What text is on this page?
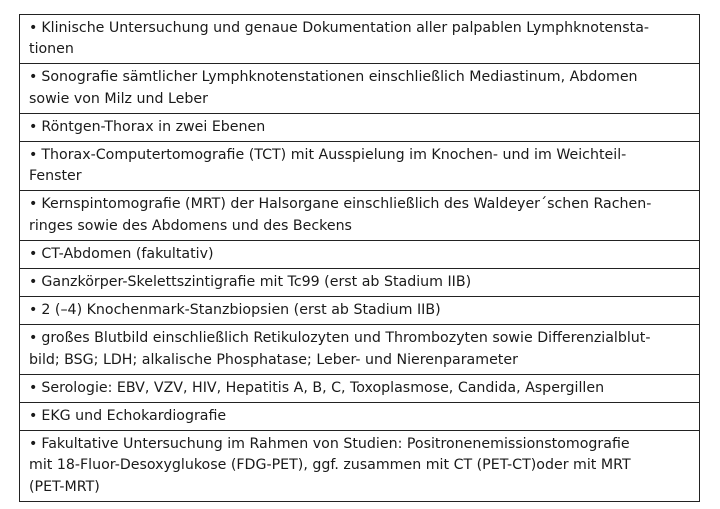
• Klinische Untersuchung und genaue Dokumentation aller palpablen Lymphknotensta-
tionen
• Sonografie sämtlicher Lymphknotenstationen einschließlich Mediastinum, Abdomen
sowie von Milz und Leber
• Röntgen-Thorax in zwei Ebenen
• Thorax-Computertomografie (TCT) mit Ausspielung im Knochen- und im Weichteil-
Fenster
• Kernspintomografie (MRT) der Halsorgane einschließlich des Waldeyer´schen Rachen-
ringes sowie des Abdomens und des Beckens
• CT-Abdomen (fakultativ)
• Ganzkörper-Skelettszintigrafie mit Tc99 (erst ab Stadium IIB)
• 2 (–4) Knochenmark-Stanzbiopsien (erst ab Stadium IIB)
• großes Blutbild einschließlich Retikulozyten und Thrombozyten sowie Differenzialblut-
bild; BSG; LDH; alkalische Phosphatase; Leber- und Nierenparameter
• Serologie: EBV, VZV, HIV, Hepatitis A, B, C, Toxoplasmose, Candida, Aspergillen
• EKG und Echokardiografie
• Fakultative Untersuchung im Rahmen von Studien: Positronenemissionstomografie
mit 18-Fluor-Desoxyglukose (FDG-PET), ggf. zusammen mit CT (PET-CT)oder mit MRT
(PET-MRT)
